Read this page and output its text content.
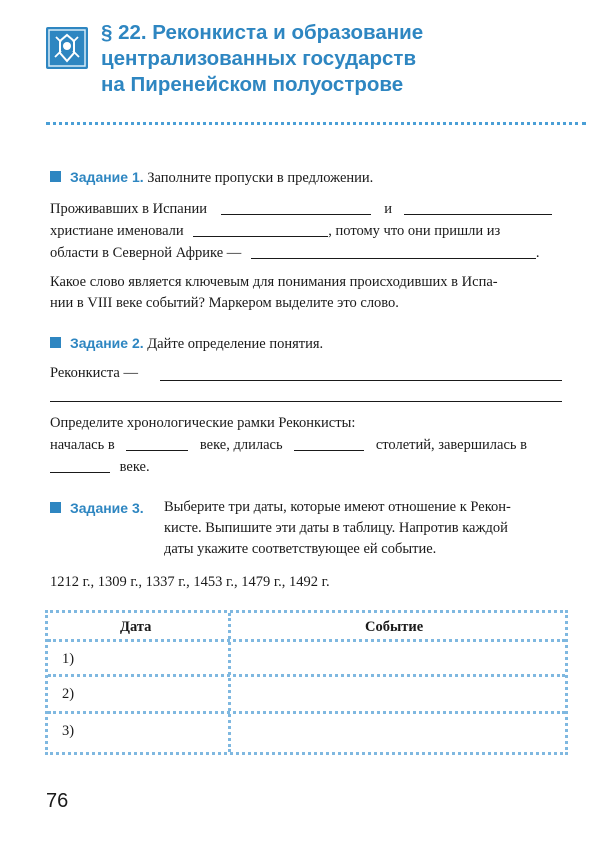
§ 22. Реконкиста и образование
централизованных государств
на Пиренейском полуострове
Задание 1. Заполните пропуски в предложении.
Проживавших в Испании	и
христиане именовали	, потому что они пришли из
области в Северной Африке —	.
Какое слово является ключевым для понимания происходивших в Испа-
нии в VIII веке событий? Маркером выделите это слово.
Задание 2. Дайте определение понятия.
Реконкиста —
Определите хронологические рамки Реконкисты:
началась в	веке, длилась	столетий, завершилась в
веке.
Задание 3. Выберите три даты, которые имеют отношение к Рекон-
кисте. Выпишите эти даты в таблицу. Напротив каждой
даты укажите соответствующее ей событие.
1212 г., 1309 г., 1337 г., 1453 г., 1479 г., 1492 г.
Дата	Событие
1)
2)
3)
76
